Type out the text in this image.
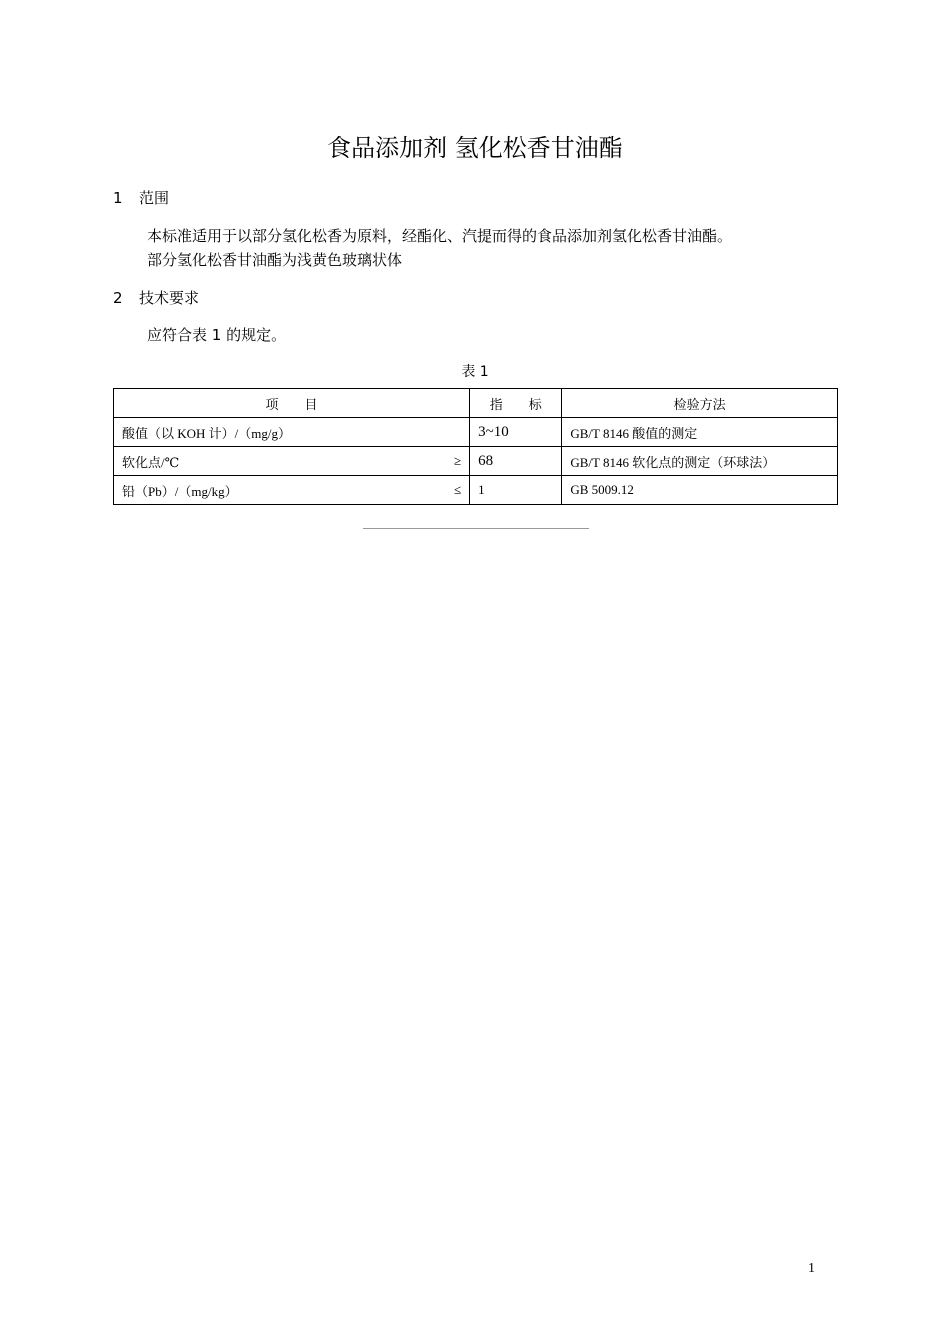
食品添加剂 氢化松香甘油酯
1	范围
本标准适用于以部分氢化松香为原料，经酯化、汽提而得的食品添加剂氢化松香甘油酯。
部分氢化松香甘油酯为浅黄色玻璃状体
2	技术要求
应符合表 1 的规定。
表 1
项　　目	指　　标	检验方法

酸值（以 KOH 计）/（mg/g）	3~10	GB/T 8146 酸值的测定

软化点/℃ ≥	68	GB/T 8146 软化点的测定（环球法）

铅（Pb）/（mg/kg） ≤	1	GB 5009.12
1
